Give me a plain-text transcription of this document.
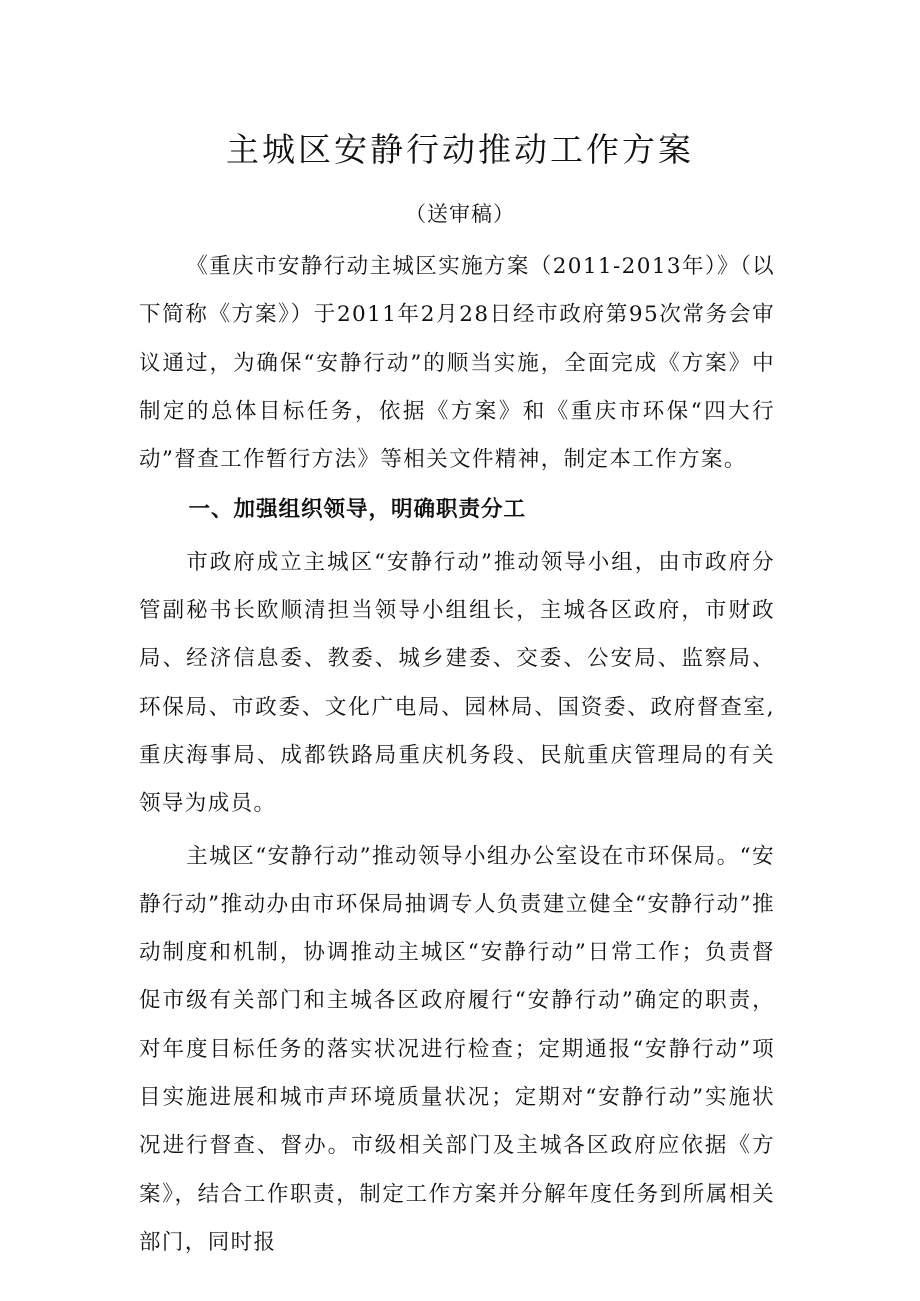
主城区安静行动推动工作方案
（送审稿）

《重庆市安静行动主城区实施方案（2011-2013年）》（以下简称《方案》）于2011年2月28日经市政府第95次常务会审议通过，为确保“安静行动”的顺当实施，全面完成《方案》中制定的总体目标任务，依据《方案》和《重庆市环保“四大行动”督查工作暂行方法》等相关文件精神，制定本工作方案。

一、加强组织领导，明确职责分工

市政府成立主城区“安静行动”推动领导小组，由市政府分管副秘书长欧顺清担当领导小组组长，主城各区政府，市财政局、经济信息委、教委、城乡建委、交委、公安局、监察局、环保局、市政委、文化广电局、园林局、国资委、政府督查室,重庆海事局、成都铁路局重庆机务段、民航重庆管理局的有关领导为成员。

主城区“安静行动”推动领导小组办公室设在市环保局。“安静行动”推动办由市环保局抽调专人负责建立健全“安静行动”推动制度和机制，协调推动主城区“安静行动”日常工作；负责督促市级有关部门和主城各区政府履行“安静行动”确定的职责，对年度目标任务的落实状况进行检查；定期通报“安静行动”项目实施进展和城市声环境质量状况；定期对“安静行动”实施状况进行督查、督办。市级相关部门及主城各区政府应依据《方案》，结合工作职责，制定工作方案并分解年度任务到所属相关部门，同时报
